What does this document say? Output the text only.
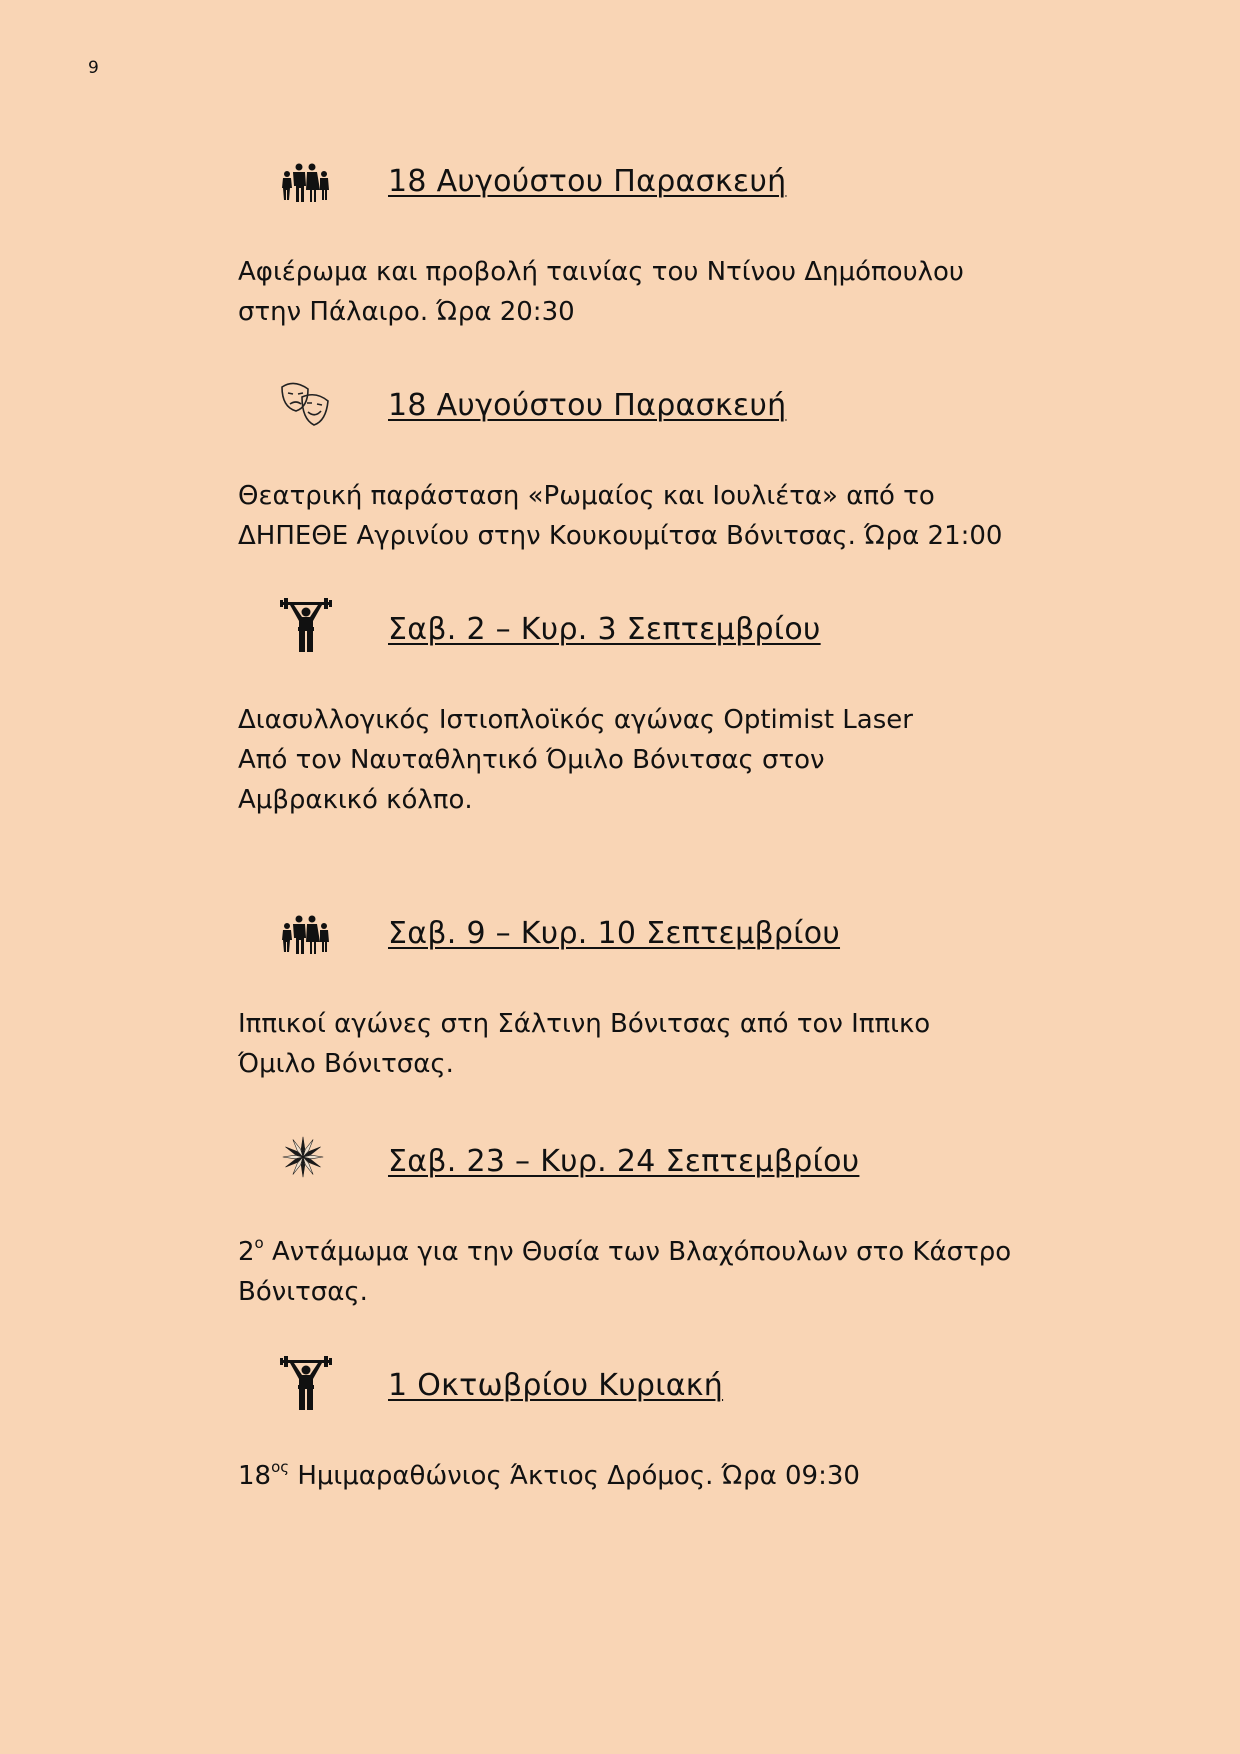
9
18 Αυγούστου Παρασκευή
Αφιέρωμα και προβολή ταινίας του Ντίνου Δημόπουλου
στην Πάλαιρο. Ώρα 20:30
18 Αυγούστου Παρασκευή
Θεατρική παράσταση «Ρωμαίος και Ιουλιέτα» από το
ΔΗΠΕΘΕ Αγρινίου στην Κουκουμίτσα Βόνιτσας. Ώρα 21:00
Σαβ. 2 – Κυρ. 3 Σεπτεμβρίου
Διασυλλογικός Ιστιοπλοϊκός αγώνας Optimist Laser
Από τον Ναυταθλητικό Όμιλο Βόνιτσας στον
Αμβρακικό κόλπο.
Σαβ. 9 – Κυρ. 10 Σεπτεμβρίου
Ιππικοί αγώνες στη Σάλτινη Βόνιτσας από τον Ιππικο
Όμιλο Βόνιτσας.
Σαβ. 23 – Κυρ. 24 Σεπτεμβρίου
$2^o$ Αντάμωμα για την Θυσία των Βλαχόπουλων στο Κάστρο
Βόνιτσας.
1 Οκτωβρίου Κυριακή
$18^{o\varsigma}$ Ημιμαραθώνιος Άκτιος Δρόμος. Ώρα 09:30
